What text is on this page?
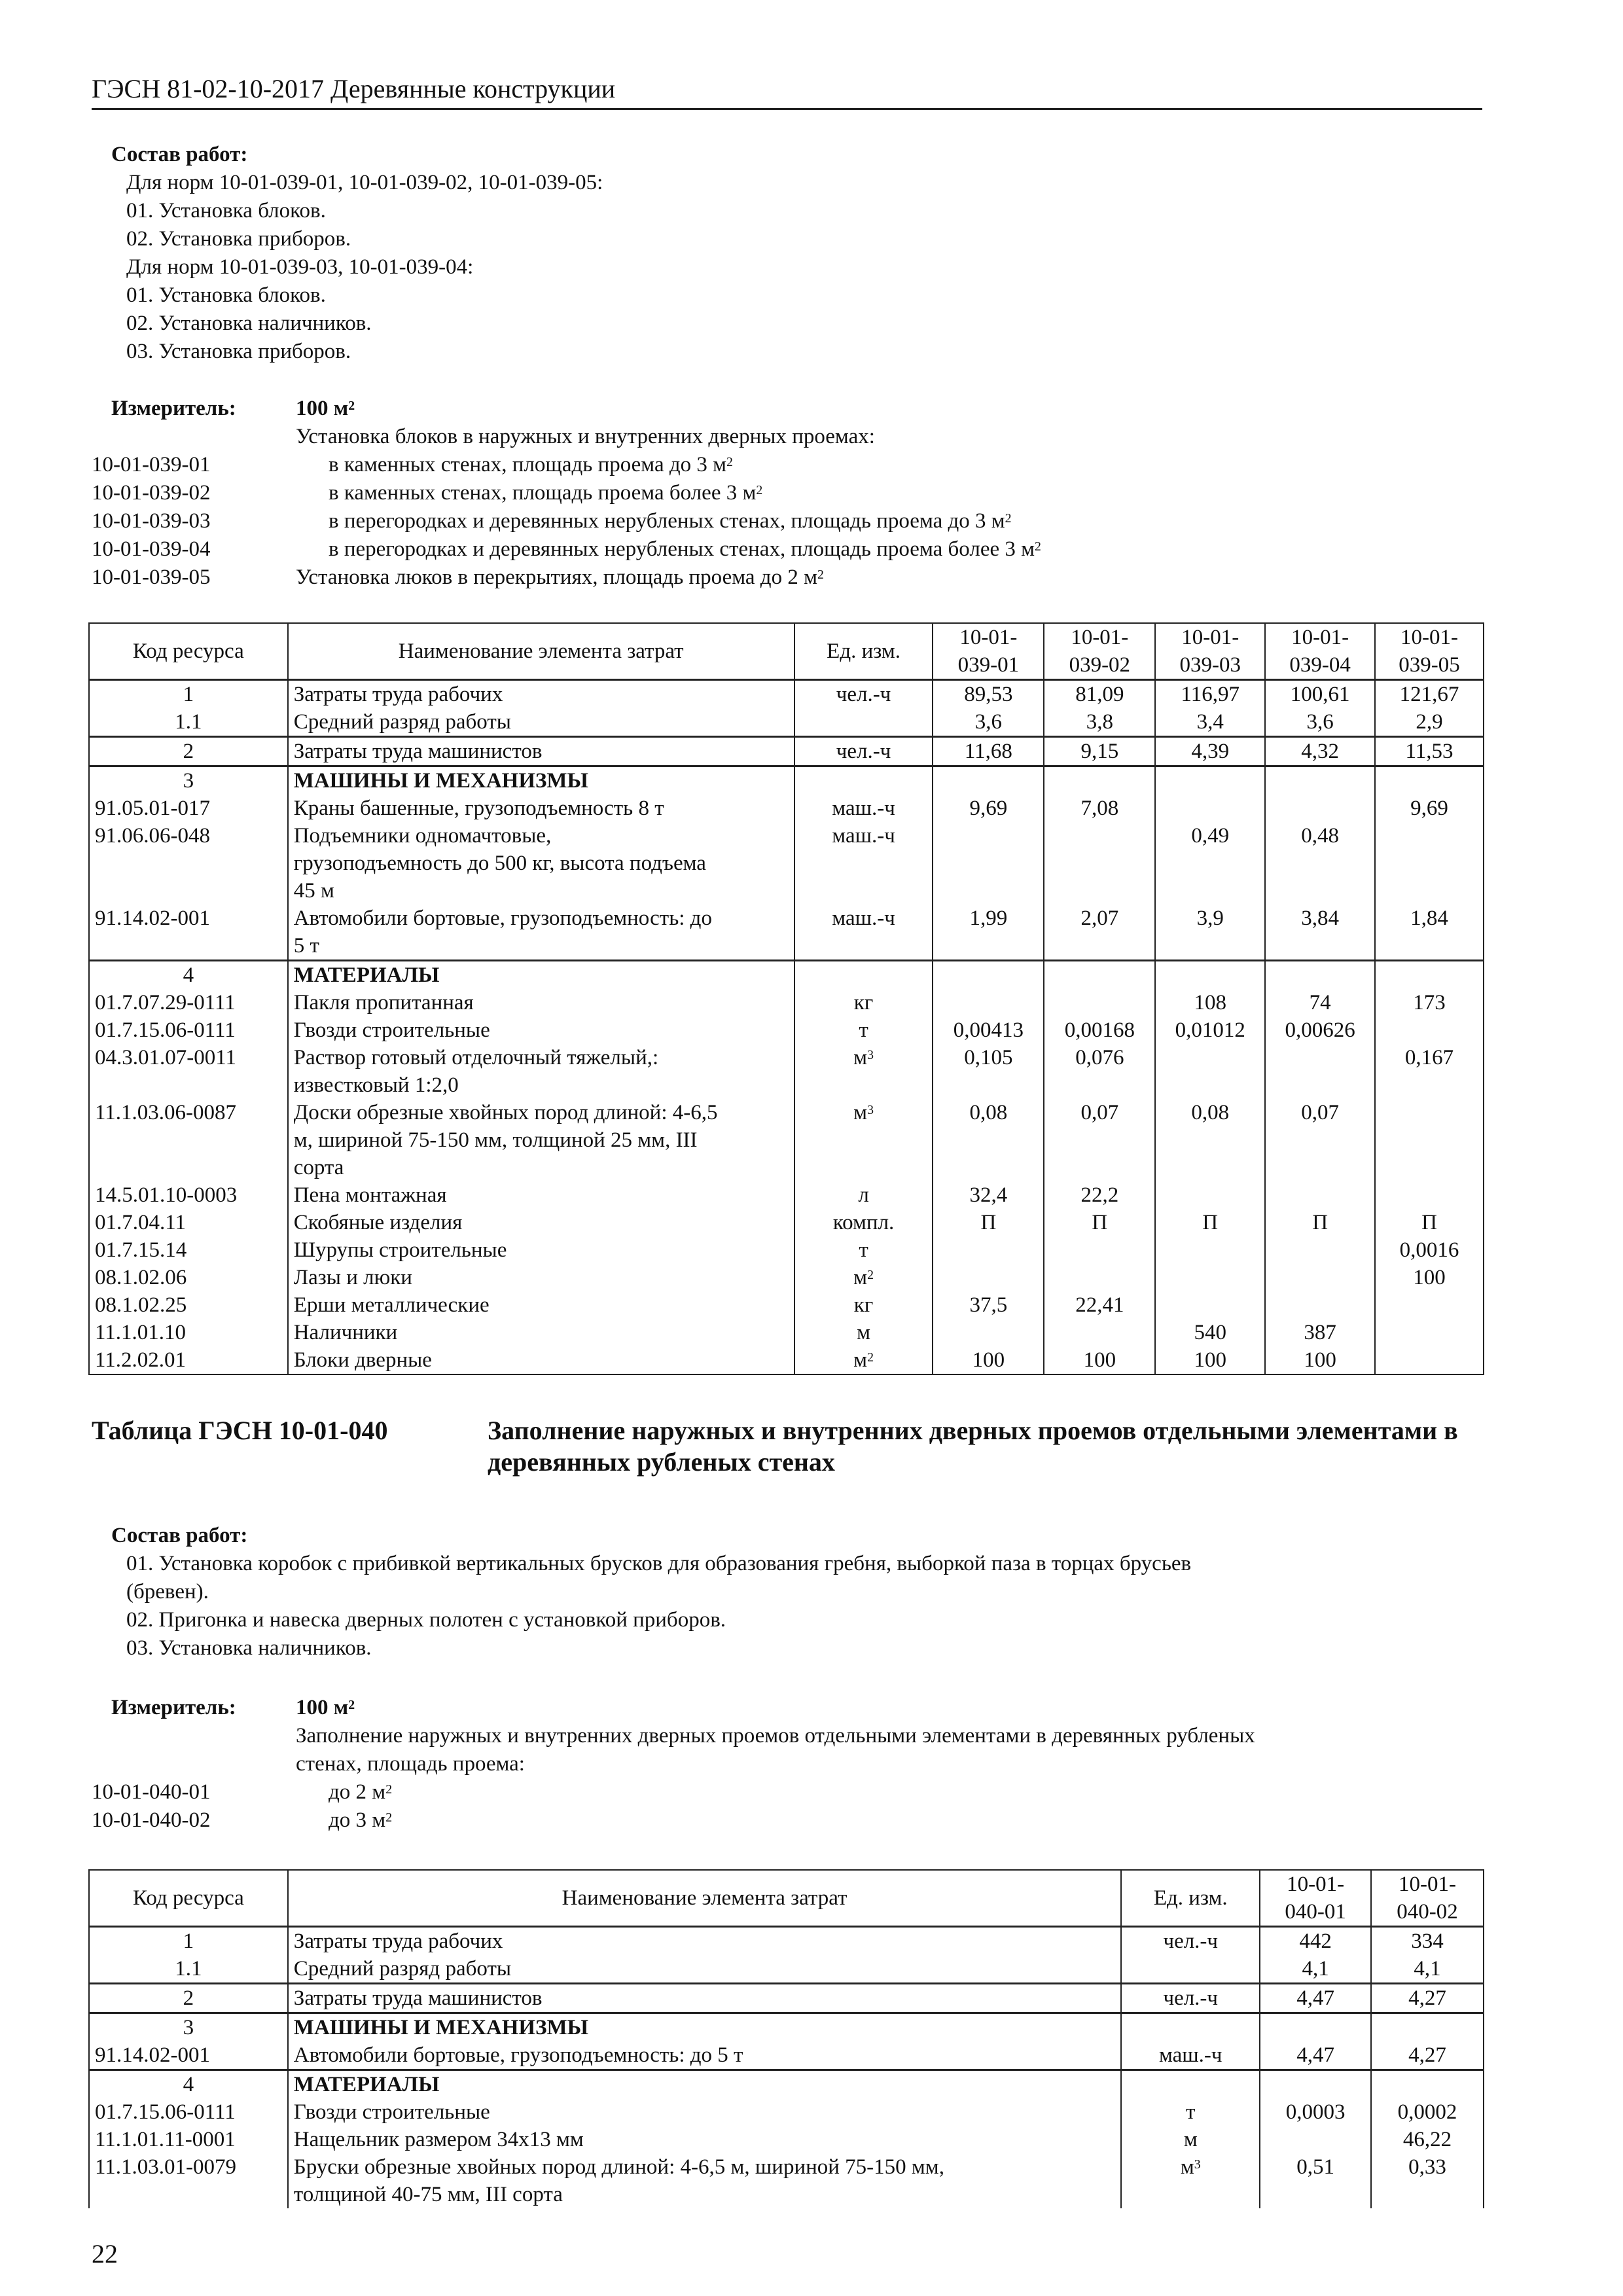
ГЭСН 81-02-10-2017 Деревянные конструкции
Состав работ:
Для норм 10-01-039-01, 10-01-039-02, 10-01-039-05:
01. Установка блоков.
02. Установка приборов.
Для норм 10-01-039-03, 10-01-039-04:
01. Установка блоков.
02. Установка наличников.
03. Установка приборов.
Измеритель:	100 $м^2$
Установка блоков в наружных и внутренних дверных проемах:
10-01-039-01	в каменных стенах, площадь проема до 3 $м^2$
10-01-039-02	в каменных стенах, площадь проема более 3 $м^2$
10-01-039-03	в перегородках и деревянных нерубленых стенах, площадь проема до 3 $м^2$
10-01-039-04	в перегородках и деревянных нерубленых стенах, площадь проема более 3 $м^2$
10-01-039-05	Установка люков в перекрытиях, площадь проема до 2 $м^2$
Код ресурса	Наименование элемента затрат	Ед. изм.	10-01-
039-01	10-01-
039-02	10-01-
039-03	10-01-
039-04	10-01-
039-05
1	Затраты труда рабочих	чел.-ч	89,53	81,09	116,97	100,61	121,67
1.1	Средний разряд работы		3,6	3,8	3,4	3,6	2,9
2	Затраты труда машинистов	чел.-ч	11,68	9,15	4,39	4,32	11,53
3	МАШИНЫ И МЕХАНИЗМЫ						
91.05.01-017	Краны башенные, грузоподъемность 8 т	маш.-ч	9,69	7,08			9,69
91.06.06-048	Подъемники одномачтовые,
грузоподъемность до 500 кг, высота подъема
45 м	маш.-ч			0,49	0,48	
91.14.02-001	Автомобили бортовые, грузоподъемность: до
5 т	маш.-ч	1,99	2,07	3,9	3,84	1,84
4	МАТЕРИАЛЫ						
01.7.07.29-0111	Пакля пропитанная	кг			108	74	173
01.7.15.06-0111	Гвозди строительные	т	0,00413	0,00168	0,01012	0,00626	
04.3.01.07-0011	Раствор готовый отделочный тяжелый,:
известковый 1:2,0	$м^3$	0,105	0,076			0,167
11.1.03.06-0087	Доски обрезные хвойных пород длиной: 4-6,5
м, шириной 75-150 мм, толщиной 25 мм, III
сорта	$м^3$	0,08	0,07	0,08	0,07	
14.5.01.10-0003	Пена монтажная	л	32,4	22,2			
01.7.04.11	Скобяные изделия	компл.	П	П	П	П	П
01.7.15.14	Шурупы строительные	т					0,0016
08.1.02.06	Лазы и люки	$м^2$					100
08.1.02.25	Ерши металлические	кг	37,5	22,41			
11.1.01.10	Наличники	м			540	387	
11.2.02.01	Блоки дверные	$м^2$	100	100	100	100	
Таблица ГЭСН 10-01-040	Заполнение наружных и внутренних дверных проемов отдельными элементами в деревянных рубленых стенах
Состав работ:
01. Установка коробок с прибивкой вертикальных брусков для образования гребня, выборкой паза в торцах брусьев
(бревен).
02. Пригонка и навеска дверных полотен с установкой приборов.
03. Установка наличников.
Измеритель:	100 $м^2$
Заполнение наружных и внутренних дверных проемов отдельными элементами в деревянных рубленых
стенах, площадь проема:
10-01-040-01	до 2 $м^2$
10-01-040-02	до 3 $м^2$
Код ресурса	Наименование элемента затрат	Ед. изм.	10-01-
040-01	10-01-
040-02
1	Затраты труда рабочих	чел.-ч	442	334
1.1	Средний разряд работы		4,1	4,1
2	Затраты труда машинистов	чел.-ч	4,47	4,27
3	МАШИНЫ И МЕХАНИЗМЫ			
91.14.02-001	Автомобили бортовые, грузоподъемность: до 5 т	маш.-ч	4,47	4,27
4	МАТЕРИАЛЫ			
01.7.15.06-0111	Гвозди строительные	т	0,0003	0,0002
11.1.01.11-0001	Нащельник размером 34х13 мм	м		46,22
11.1.03.01-0079	Бруски обрезные хвойных пород длиной: 4-6,5 м, шириной 75-150 мм,
толщиной 40-75 мм, III сорта	$м^3$	0,51	0,33
22
